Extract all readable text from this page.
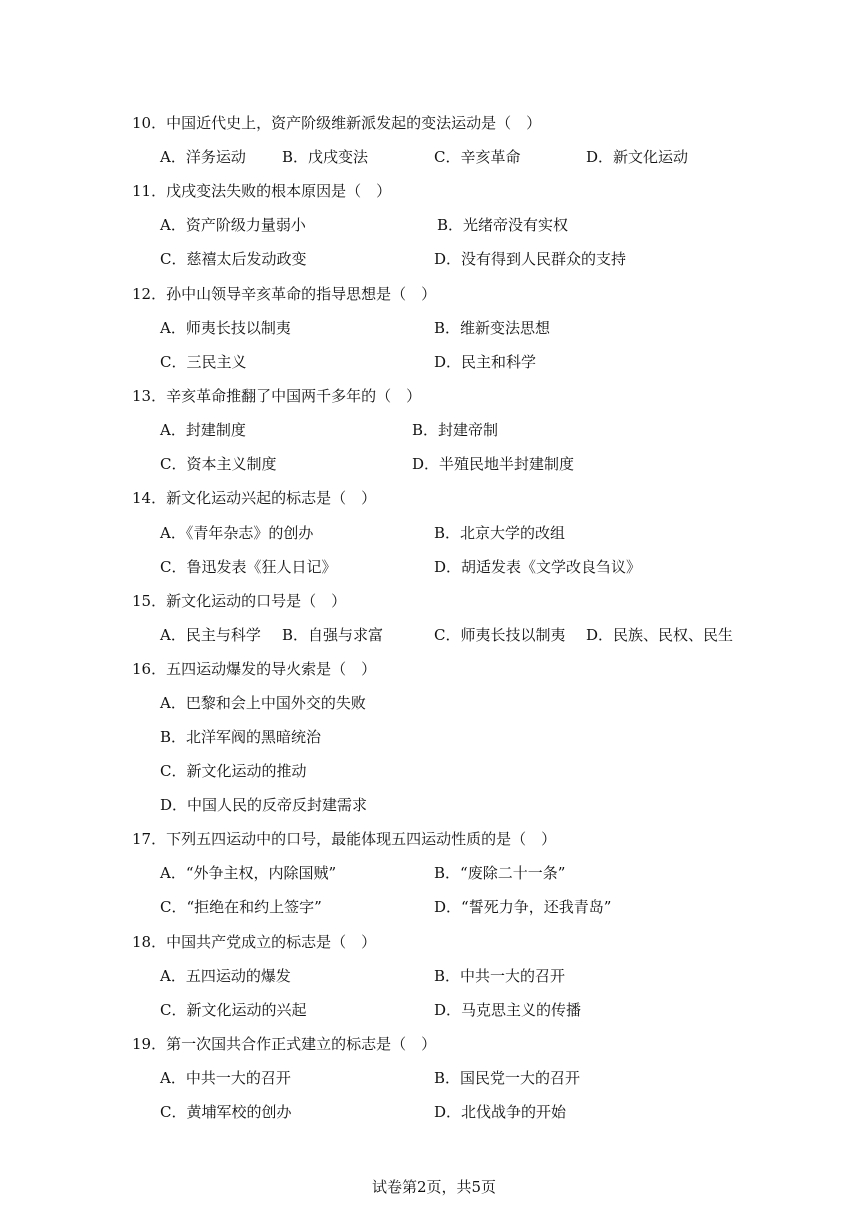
10．中国近代史上，资产阶级维新派发起的变法运动是（　）
A．洋务运动 B．戊戌变法	C．辛亥革命	D．新文化运动
11．戊戌变法失败的根本原因是（　）
A．资产阶级力量弱小	B．光绪帝没有实权
C．慈禧太后发动政变	D．没有得到人民群众的支持
12．孙中山领导辛亥革命的指导思想是（　）
A．师夷长技以制夷	B．维新变法思想
C．三民主义	D．民主和科学
13．辛亥革命推翻了中国两千多年的（　）
A．封建制度	B．封建帝制
C．资本主义制度	D．半殖民地半封建制度
14．新文化运动兴起的标志是（　）
A．《青年杂志》的创办	B．北京大学的改组
C．鲁迅发表《狂人日记》	D．胡适发表《文学改良刍议》
15．新文化运动的口号是（　）
A．民主与科学 B．自强与求富	C．师夷长技以制夷 D．民族、民权、民生
16．五四运动爆发的导火索是（　）
A．巴黎和会上中国外交的失败
B．北洋军阀的黑暗统治
C．新文化运动的推动
D．中国人民的反帝反封建需求
17．下列五四运动中的口号，最能体现五四运动性质的是（　）
A．“外争主权，内除国贼”	B．“废除二十一条”
C．“拒绝在和约上签字”	D．“誓死力争，还我青岛”
18．中国共产党成立的标志是（　）
A．五四运动的爆发	B．中共一大的召开
C．新文化运动的兴起	D．马克思主义的传播
19．第一次国共合作正式建立的标志是（　）
A．中共一大的召开	B．国民党一大的召开
C．黄埔军校的创办	D．北伐战争的开始
试卷第2页，共5页
